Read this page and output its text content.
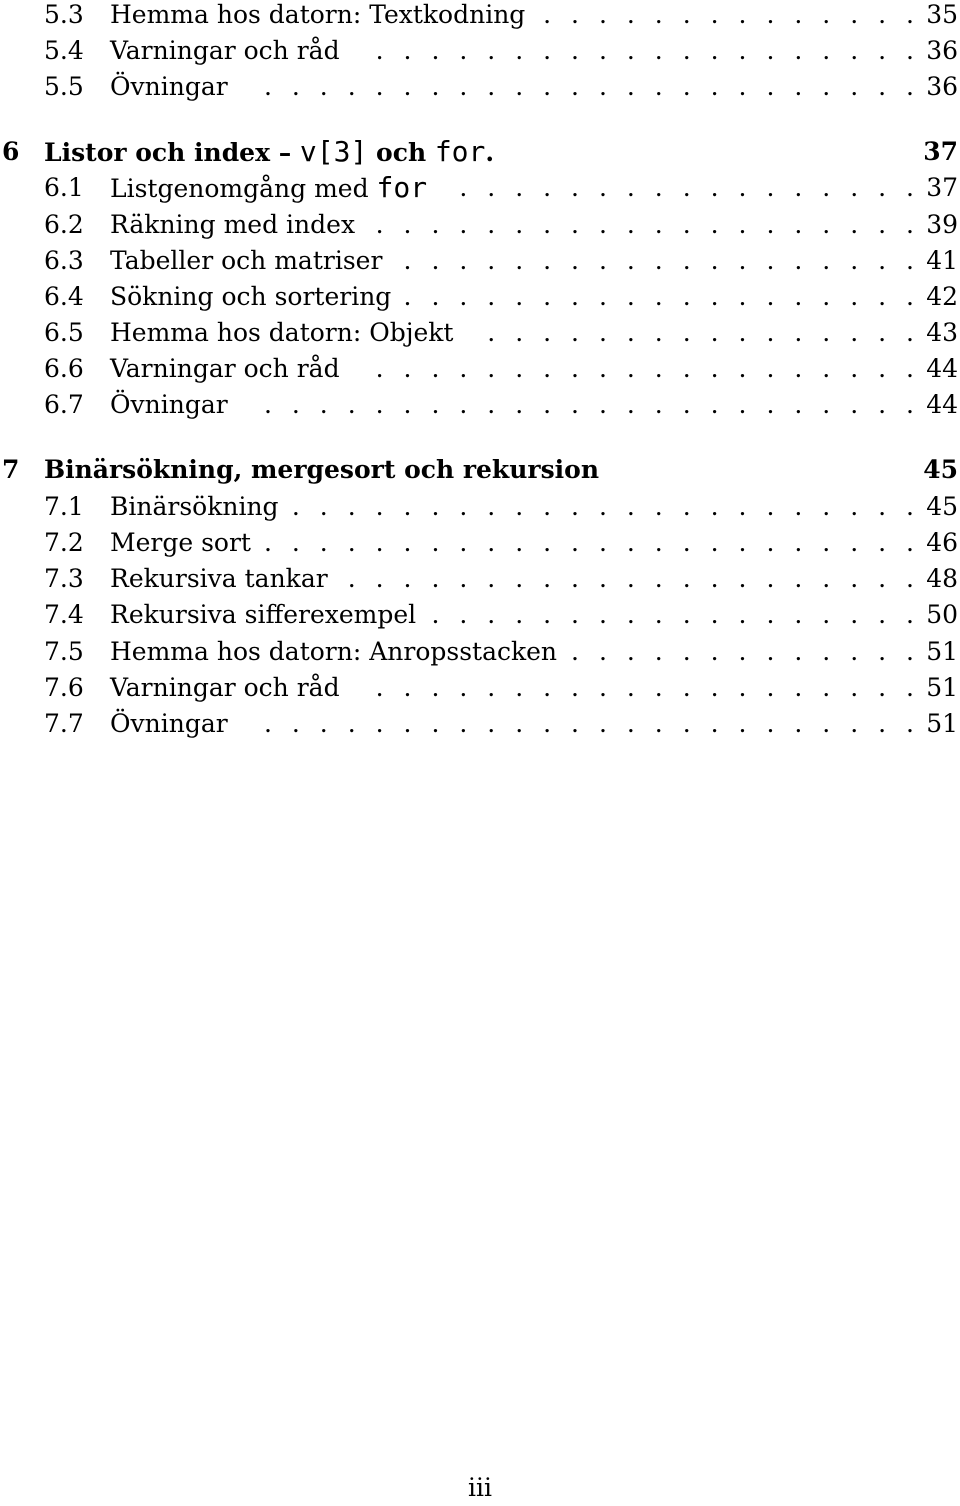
5.3 Hemma hos datorn: Textkodning .    .    .    .    .    .    .    .    .    .    .    .    .    . 35
5.4 Varningar och råd	.    .    .    .    .    .    .    .    .    .    .    .    .    .    .    .    .    .    .    . 36
5.5 Övningar	.    .    .    .    .    .    .    .    .    .    .    .    .    .    .    .    .    .    .    .    .    .    .    . 36
6 Listor och index – v[3] och for.	37
6.1 Listgenomgång med for	.    .    .    .    .    .    .    .    .    .    .    .    .    .    .    .    . 37
6.2 Räkning med index .    .    .    .    .    .    .    .    .    .    .    .    .    .    .    .    .    .    .    . 39
6.3 Tabeller och matriser .    .    .    .    .    .    .    .    .    .    .    .    .    .    .    .    .    .    . 41
6.4 Sökning och sortering .    .    .    .    .    .    .    .    .    .    .    .    .    .    .    .    .    .    . 42
6.5 Hemma hos datorn: Objekt	.    .    .    .    .    .    .    .    .    .    .    .    .    .    .    . 43
6.6 Varningar och råd	.    .    .    .    .    .    .    .    .    .    .    .    .    .    .    .    .    .    .    . 44
6.7 Övningar	.    .    .    .    .    .    .    .    .    .    .    .    .    .    .    .    .    .    .    .    .    .    .    . 44
7 Binärsökning, mergesort och rekursion	45
7.1 Binärsökning .    .    .    .    .    .    .    .    .    .    .    .    .    .    .    .    .    .    .    .    .    .    . 45
7.2 Merge sort .    .    .    .    .    .    .    .    .    .    .    .    .    .    .    .    .    .    .    .    .    .    .    . 46
7.3 Rekursiva tankar .    .    .    .    .    .    .    .    .    .    .    .    .    .    .    .    .    .    .    .    . 48
7.4 Rekursiva sifferexempel .    .    .    .    .    .    .    .    .    .    .    .    .    .    .    .    .    . 50
7.5 Hemma hos datorn: Anropsstacken .    .    .    .    .    .    .    .    .    .    .    .    . 51
7.6 Varningar och råd	.    .    .    .    .    .    .    .    .    .    .    .    .    .    .    .    .    .    .    . 51
7.7 Övningar	.    .    .    .    .    .    .    .    .    .    .    .    .    .    .    .    .    .    .    .    .    .    .    . 51
iii
